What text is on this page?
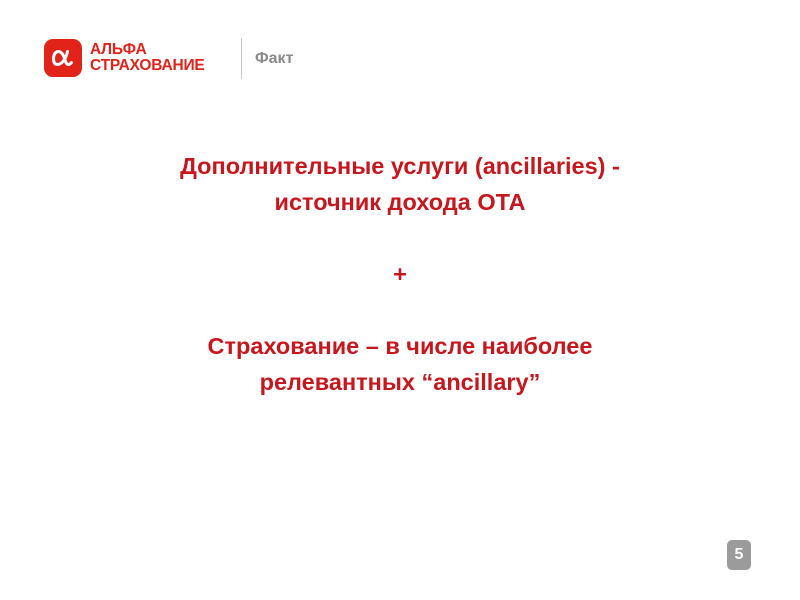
АЛЬФА
СТРАХОВАНИЕ	Факт
Дополнительные услуги (ancillaries) -
источник дохода ОТА
+
Страхование – в числе наиболее
релевантных “ancillary”
5
